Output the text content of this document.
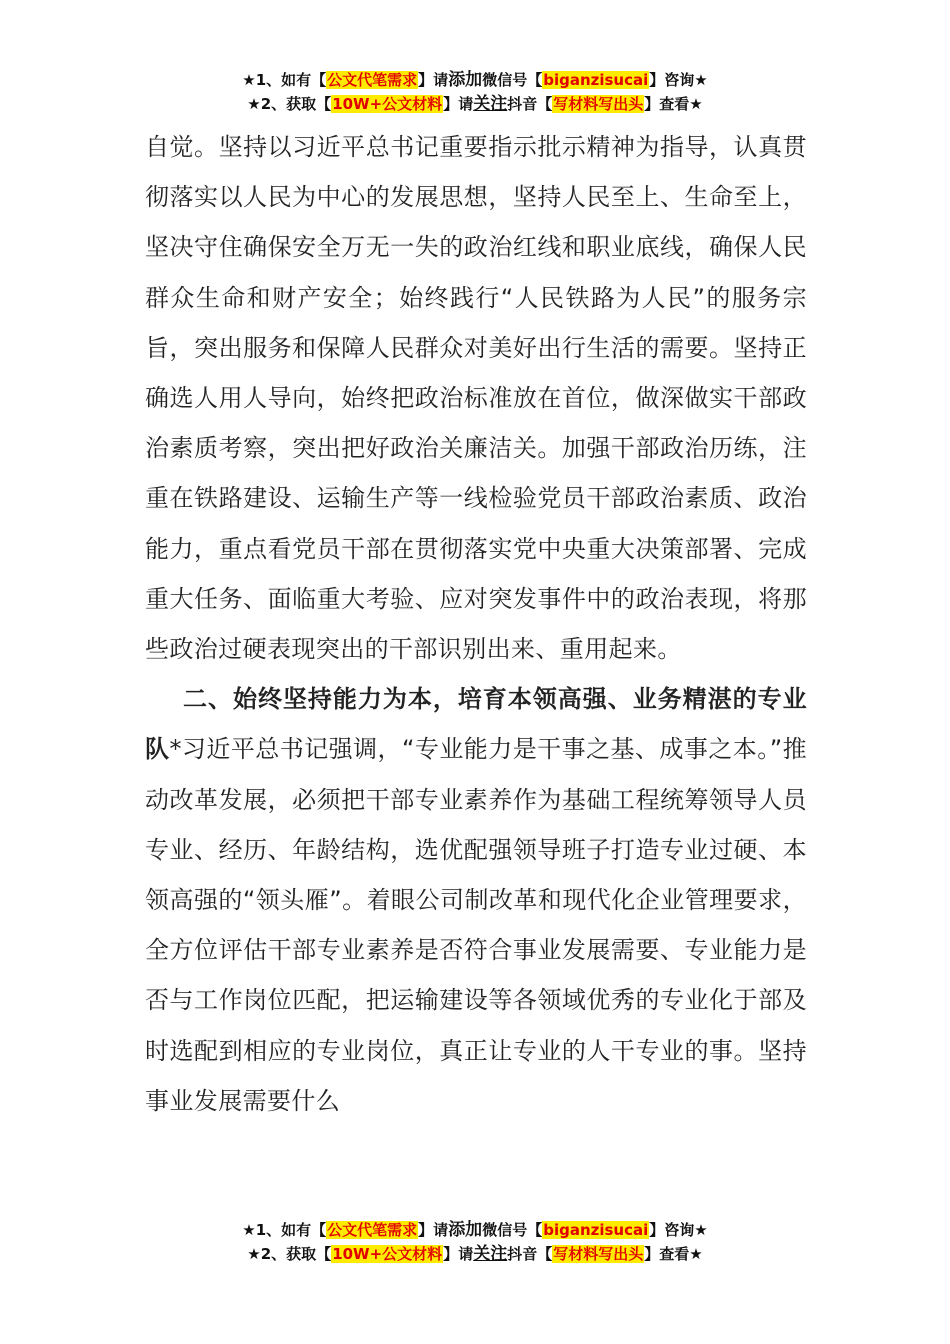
★1、如有【公文代笔需求】请添加微信号【biganzisucai】咨询★
★2、获取【10W+公文材料】请关注抖音【写材料写出头】查看★

自觉。坚持以习近平总书记重要指示批示精神为指导，认真贯彻落实以人民为中心的发展思想，坚持人民至上、生命至上，坚决守住确保安全万无一失的政治红线和职业底线，确保人民群众生命和财产安全；始终践行“人民铁路为人民”的服务宗旨，突出服务和保障人民群众对美好出行生活的需要。坚持正确选人用人导向，始终把政治标准放在首位，做深做实干部政治素质考察，突出把好政治关廉洁关。加强干部政治历练，注重在铁路建设、运输生产等一线检验党员干部政治素质、政治能力，重点看党员干部在贯彻落实党中央重大决策部署、完成重大任务、面临重大考验、应对突发事件中的政治表现，将那些政治过硬表现突出的干部识别出来、重用起来。

二、始终坚持能力为本，培育本领高强、业务精湛的专业队*习近平总书记强调，“专业能力是干事之基、成事之本。”推动改革发展，必须把干部专业素养作为基础工程统筹领导人员专业、经历、年龄结构，选优配强领导班子打造专业过硬、本领高强的“领头雁”。着眼公司制改革和现代化企业管理要求，全方位评估干部专业素养是否符合事业发展需要、专业能力是否与工作岗位匹配，把运输建设等各领域优秀的专业化于部及时选配到相应的专业岗位，真正让专业的人干专业的事。坚持事业发展需要什么

★1、如有【公文代笔需求】请添加微信号【biganzisucai】咨询★
★2、获取【10W+公文材料】请关注抖音【写材料写出头】查看★
